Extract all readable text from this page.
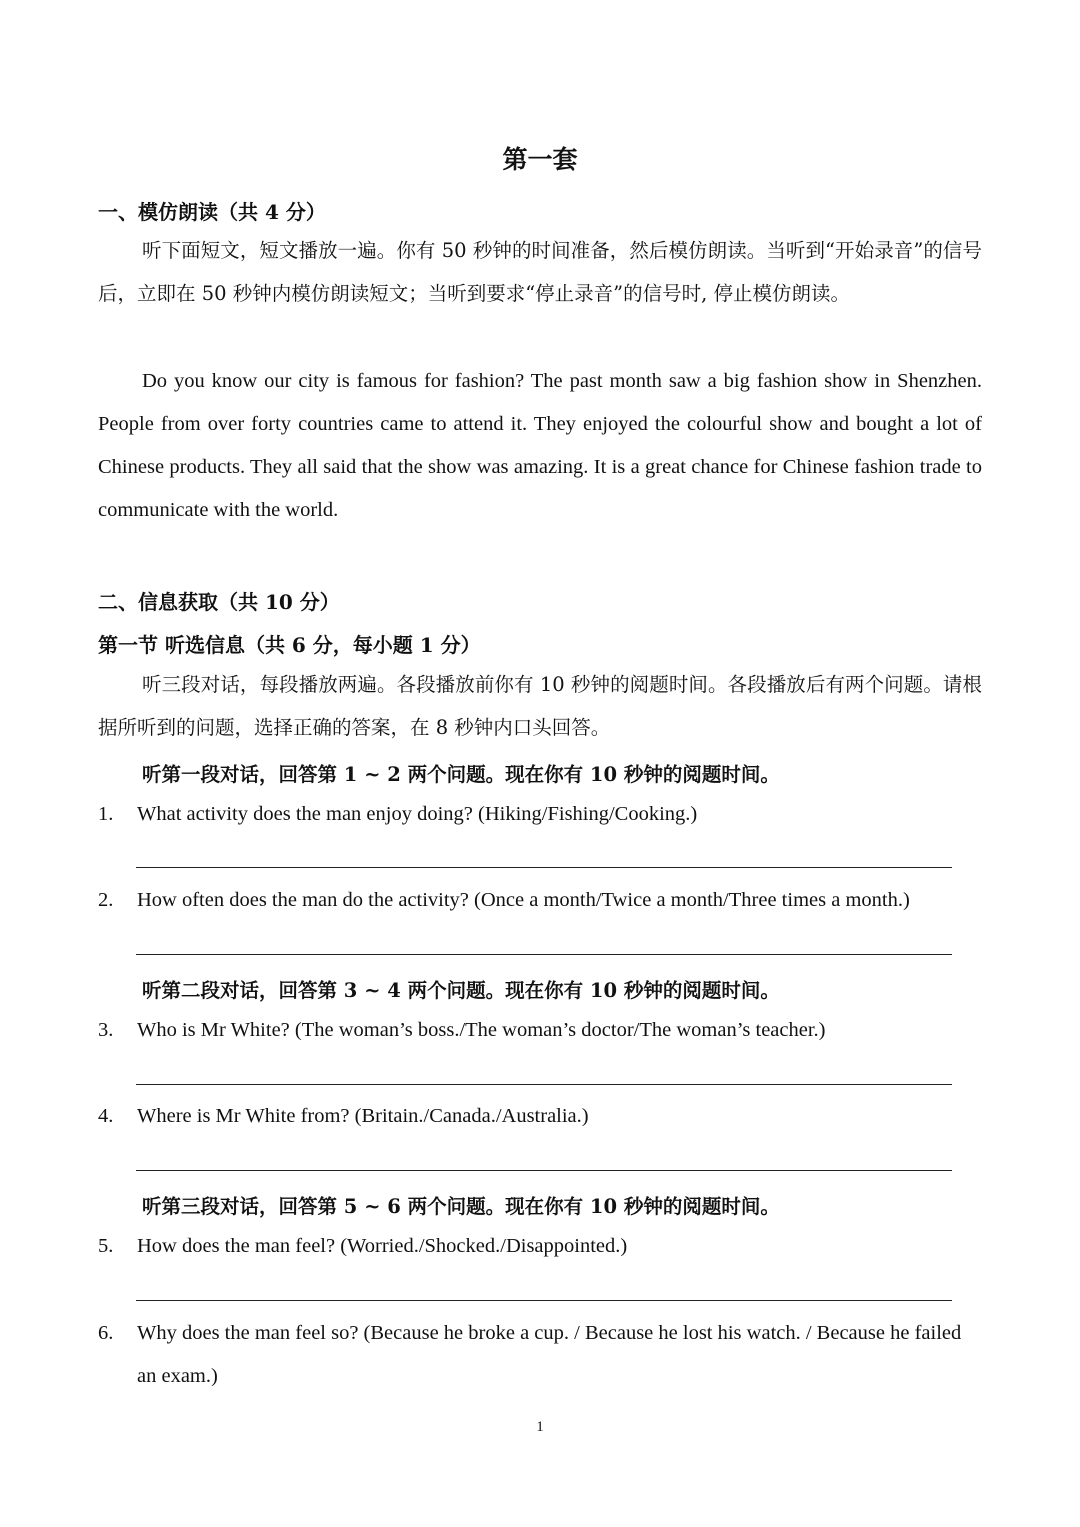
第一套
一、模仿朗读（共 4 分）
听下面短文，短文播放一遍。你有 50 秒钟的时间准备，然后模仿朗读。当听到“开始录音”的信号后，立即在 50 秒钟内模仿朗读短文；当听到要求“停止录音”的信号时, 停止模仿朗读。
Do you know our city is famous for fashion? The past month saw a big fashion show in Shenzhen. People from over forty countries came to attend it. They enjoyed the colourful show and bought a lot of Chinese products. They all said that the show was amazing. It is a great chance for Chinese fashion trade to communicate with the world.
二、信息获取（共 10 分）
第一节 听选信息（共 6 分，每小题 1 分）
听三段对话，每段播放两遍。各段播放前你有 10 秒钟的阅题时间。各段播放后有两个问题。请根据所听到的问题，选择正确的答案，在 8 秒钟内口头回答。
听第一段对话，回答第 1 ~ 2 两个问题。现在你有 10 秒钟的阅题时间。
1. What activity does the man enjoy doing? (Hiking/Fishing/Cooking.)
2. How often does the man do the activity? (Once a month/Twice a month/Three times a month.)
听第二段对话，回答第 3 ~ 4 两个问题。现在你有 10 秒钟的阅题时间。
3. Who is Mr White? (The woman’s boss./The woman’s doctor/The woman’s teacher.)
4. Where is Mr White from? (Britain./Canada./Australia.)
听第三段对话，回答第 5 ~ 6 两个问题。现在你有 10 秒钟的阅题时间。
5. How does the man feel? (Worried./Shocked./Disappointed.)
6. Why does the man feel so? (Because he broke a cup. / Because he lost his watch. / Because he failed an exam.)
1
